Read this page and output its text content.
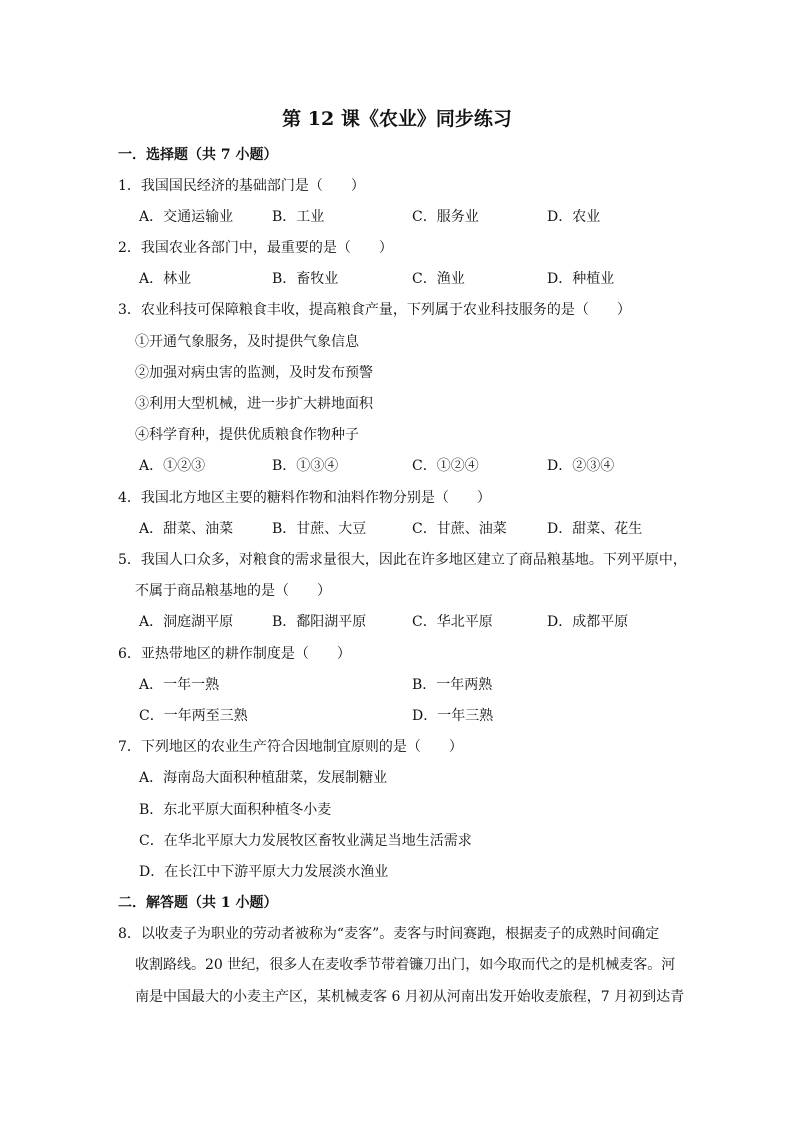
第 12 课《农业》同步练习
一．选择题（共 7 小题）
1．我国国民经济的基础部门是（　　）
A．交通运输业	B．工业	C．服务业	D．农业
2．我国农业各部门中，最重要的是（　　）
A．林业	B．畜牧业	C．渔业	D．种植业
3．农业科技可保障粮食丰收，提高粮食产量，下列属于农业科技服务的是（　　）
①开通气象服务，及时提供气象信息
②加强对病虫害的监测，及时发布预警
③利用大型机械，进一步扩大耕地面积
④科学育种，提供优质粮食作物种子
A．①②③	B．①③④	C．①②④	D．②③④
4．我国北方地区主要的糖料作物和油料作物分别是（　　）
A．甜菜、油菜	B．甘蔗、大豆	C．甘蔗、油菜	D．甜菜、花生
5．我国人口众多，对粮食的需求量很大，因此在许多地区建立了商品粮基地。下列平原中，
不属于商品粮基地的是（　　）
A．洞庭湖平原	B．鄱阳湖平原	C．华北平原	D．成都平原
6．亚热带地区的耕作制度是（　　）
A．一年一熟	B．一年两熟
C．一年两至三熟	D．一年三熟
7．下列地区的农业生产符合因地制宜原则的是（　　）
A．海南岛大面积种植甜菜，发展制糖业
B．东北平原大面积种植冬小麦
C．在华北平原大力发展牧区畜牧业满足当地生活需求
D．在长江中下游平原大力发展淡水渔业
二．解答题（共 1 小题）
8．以收麦子为职业的劳动者被称为“麦客”。麦客与时间赛跑，根据麦子的成熟时间确定
收割路线。20 世纪，很多人在麦收季节带着镰刀出门，如今取而代之的是机械麦客。河
南是中国最大的小麦主产区，某机械麦客 6 月初从河南出发开始收麦旅程，7 月初到达青
